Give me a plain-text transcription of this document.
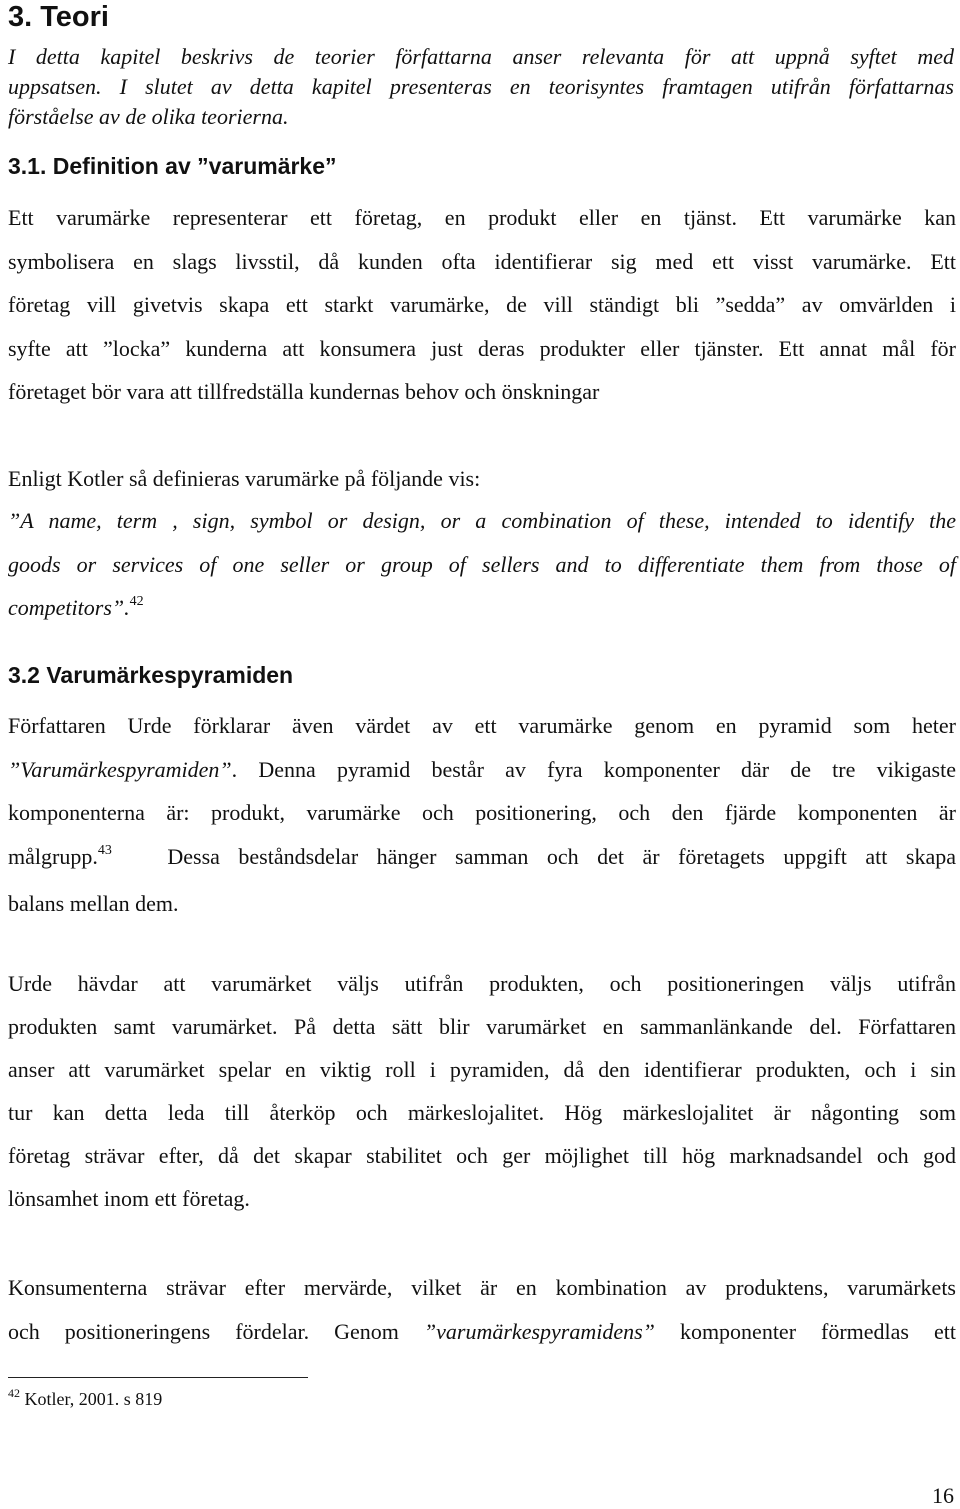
3. Teori
I detta kapitel beskrivs de teorier författarna anser relevanta för att uppnå syftet med
uppsatsen. I slutet av detta kapitel presenteras en teorisyntes framtagen utifrån författarnas
förståelse av de olika teorierna.
3.1. Definition av ”varumärke”
Ett varumärke representerar ett företag, en produkt eller en tjänst. Ett varumärke kan
symbolisera en slags livsstil, då kunden ofta identifierar sig med ett visst varumärke. Ett
företag vill givetvis skapa ett starkt varumärke, de vill ständigt bli ”sedda” av omvärlden i
syfte att ”locka” kunderna att konsumera just deras produkter eller tjänster. Ett annat mål för
företaget bör vara att tillfredställa kundernas behov och önskningar

Enligt Kotler så definieras varumärke på följande vis:

”A name, term , sign, symbol or design, or a combination of these, intended to identify the
goods or services of one seller or group of sellers and to differentiate them from those of
competitors”.$^{42}$
3.2 Varumärkespyramiden
Författaren Urde förklarar även värdet av ett varumärke genom en pyramid som heter
”Varumärkespyramiden”. Denna pyramid består av fyra komponenter där de tre vikigaste
komponenterna är: produkt, varumärke och positionering, och den fjärde komponenten är
målgrupp.$^{43}$	Dessa beståndsdelar hänger samman och det är företagets uppgift att skapa
balans mellan dem.
Urde hävdar att varumärket väljs utifrån produkten, och positioneringen väljs utifrån
produkten samt varumärket. På detta sätt blir varumärket en sammanlänkande del. Författaren
anser att varumärket spelar en viktig roll i pyramiden, då den identifierar produkten, och i sin
tur kan detta leda till återköp och märkeslojalitet. Hög märkeslojalitet är någonting som
företag strävar efter, då det skapar stabilitet och ger möjlighet till hög marknadsandel och god
lönsamhet inom ett företag.
Konsumenterna strävar efter mervärde, vilket är en kombination av produktens, varumärkets
och positioneringens fördelar. Genom ”varumärkespyramidens” komponenter förmedlas ett

$^{42}$ Kotler, 2001. s 819

16
